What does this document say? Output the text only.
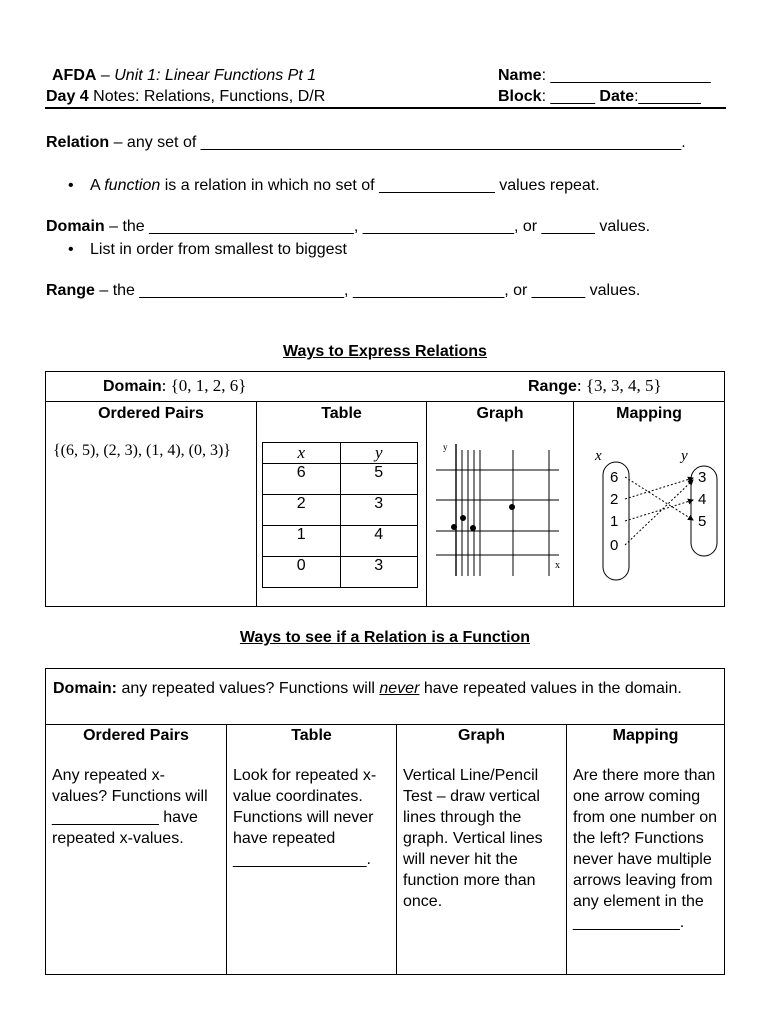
AFDA – Unit 1: Linear Functions Pt 1
Day 4 Notes: Relations, Functions, D/R
Name: __________________
Block: _____ Date:_______
Relation – any set of ______________________________________________________.
• A function is a relation in which no set of _____________ values repeat.
Domain – the _______________________, _________________, or ______ values.
• List in order from smallest to biggest
Range – the _______________________, _________________, or ______ values.
Ways to Express Relations
Domain: {0, 1, 2, 6}	Range: {3, 3, 4, 5}

Ordered Pairs
{(6, 5), (2, 3), (1, 4), (0, 3)}

Table
x	y
6	5
2	3
1	4
0	3

Graph
y
x

Mapping
x	y
6
2
1
0
3
4
5
Ways to see if a Relation is a Function
Domain: any repeated values? Functions will never have repeated values in the domain.

Ordered Pairs
Any repeated x-values? Functions will ____________ have repeated x-values.

Table
Look for repeated x-value coordinates. Functions will never have repeated _______________.

Graph
Vertical Line/Pencil Test – draw vertical lines through the graph. Vertical lines will never hit the function more than once.

Mapping
Are there more than one arrow coming from one number on the left? Functions never have multiple arrows leaving from any element in the ____________.
